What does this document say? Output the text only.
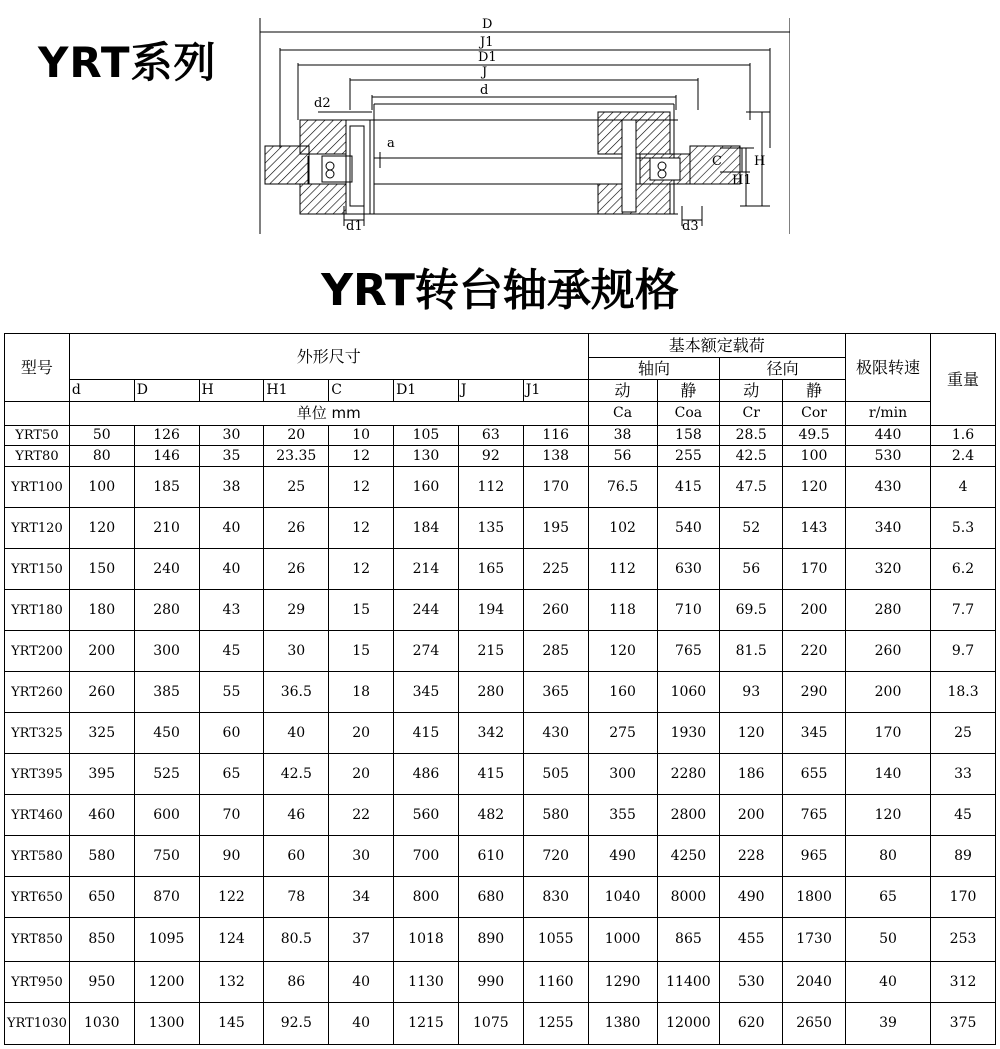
YRT系列
D
J1
D1
J
d
d2
a
C H
H1
d1	d3
YRT转台轴承规格
型号	外形尺寸								基本额定载荷				极限转速	重量
									轴向		径向			
	d	D	H	H1	C	D1	J	J1	动	静	动	静		
	单位 mm								Ca	Coa	Cr	Cor	r/min	
YRT50	50	126	30	20	10	105	63	116	38	158	28.5	49.5	440	1.6
YRT80	80	146	35	23.35	12	130	92	138	56	255	42.5	100	530	2.4
YRT100	100	185	38	25	12	160	112	170	76.5	415	47.5	120	430	4
YRT120	120	210	40	26	12	184	135	195	102	540	52	143	340	5.3
YRT150	150	240	40	26	12	214	165	225	112	630	56	170	320	6.2
YRT180	180	280	43	29	15	244	194	260	118	710	69.5	200	280	7.7
YRT200	200	300	45	30	15	274	215	285	120	765	81.5	220	260	9.7
YRT260	260	385	55	36.5	18	345	280	365	160	1060	93	290	200	18.3
YRT325	325	450	60	40	20	415	342	430	275	1930	120	345	170	25
YRT395	395	525	65	42.5	20	486	415	505	300	2280	186	655	140	33
YRT460	460	600	70	46	22	560	482	580	355	2800	200	765	120	45
YRT580	580	750	90	60	30	700	610	720	490	4250	228	965	80	89
YRT650	650	870	122	78	34	800	680	830	1040	8000	490	1800	65	170
YRT850	850	1095	124	80.5	37	1018	890	1055	1000	865	455	1730	50	253
YRT950	950	1200	132	86	40	1130	990	1160	1290	11400	530	2040	40	312
YRT1030	1030	1300	145	92.5	40	1215	1075	1255	1380	12000	620	2650	39	375
